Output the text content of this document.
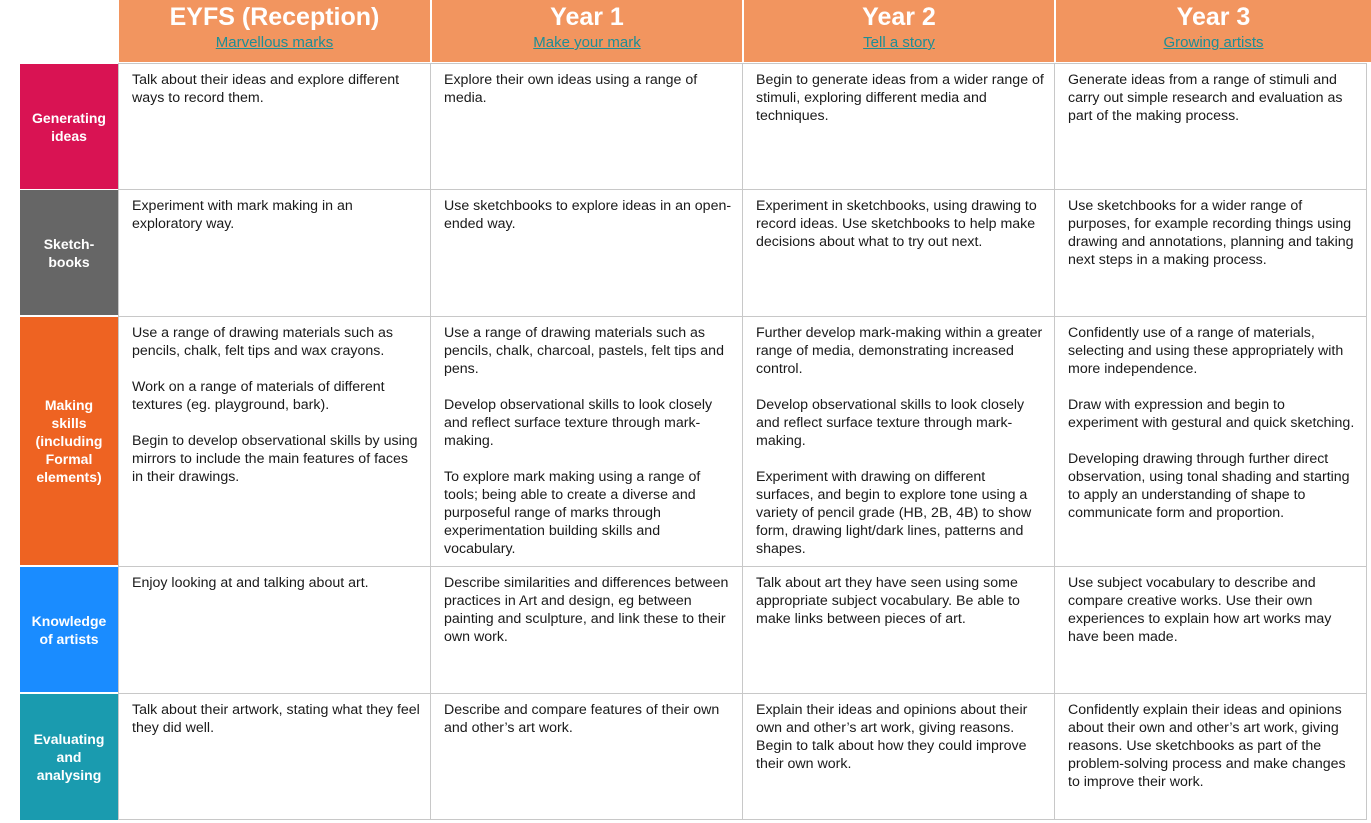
EYFS (Reception)
Marvellous marks
Year 1
Make your mark
Year 2
Tell a story
Year 3
Growing artists
Generating ideas

Talk about their ideas and explore different ways to record them.

Explore their own ideas using a range of media.

Begin to generate ideas from a wider range of stimuli, exploring different media and techniques.

Generate ideas from a range of stimuli and carry out simple research and evaluation as part of the making process.

Sketch-books

Experiment with mark making in an exploratory way.

Use sketchbooks to explore ideas in an open-ended way.

Experiment in sketchbooks, using drawing to record ideas. Use sketchbooks to help make decisions about what to try out next.

Use sketchbooks for a wider range of purposes, for example recording things using drawing and annotations, planning and taking next steps in a making process.

Making skills (including Formal elements)

Use a range of drawing materials such as pencils, chalk, felt tips and wax crayons.

Work on a range of materials of different textures (eg. playground, bark).

Begin to develop observational skills by using mirrors to include the main features of faces in their drawings.

Use a range of drawing materials such as pencils, chalk, charcoal, pastels, felt tips and pens.

Develop observational skills to look closely and reflect surface texture through mark-making.

To explore mark making using a range of tools; being able to create a diverse and purposeful range of marks through experimentation building skills and vocabulary.

Further develop mark-making within a greater range of media, demonstrating increased control.

Develop observational skills to look closely and reflect surface texture through mark-making.

Experiment with drawing on different surfaces, and begin to explore tone using a variety of pencil grade (HB, 2B, 4B) to show form, drawing light/dark lines, patterns and shapes.

Confidently use of a range of materials, selecting and using these appropriately with more independence.

Draw with expression and begin to experiment with gestural and quick sketching.

Developing drawing through further direct observation, using tonal shading and starting to apply an understanding of shape to communicate form and proportion.

Knowledge of artists

Enjoy looking at and talking about art.	Describe similarities and differences between practices in Art and design, eg between painting and sculpture, and link these to their own work.

Talk about art they have seen using some appropriate subject vocabulary. Be able to make links between pieces of art.

Use subject vocabulary to describe and compare creative works. Use their own experiences to explain how art works may have been made.

Evaluating and analysing

Talk about their artwork, stating what they feel they did well.

Describe and compare features of their own and other’s art work.

Explain their ideas and opinions about their own and other’s art work, giving reasons. Begin to talk about how they could improve their own work.

Confidently explain their ideas and opinions about their own and other’s art work, giving reasons. Use sketchbooks as part of the problem-solving process and make changes to improve their work.
